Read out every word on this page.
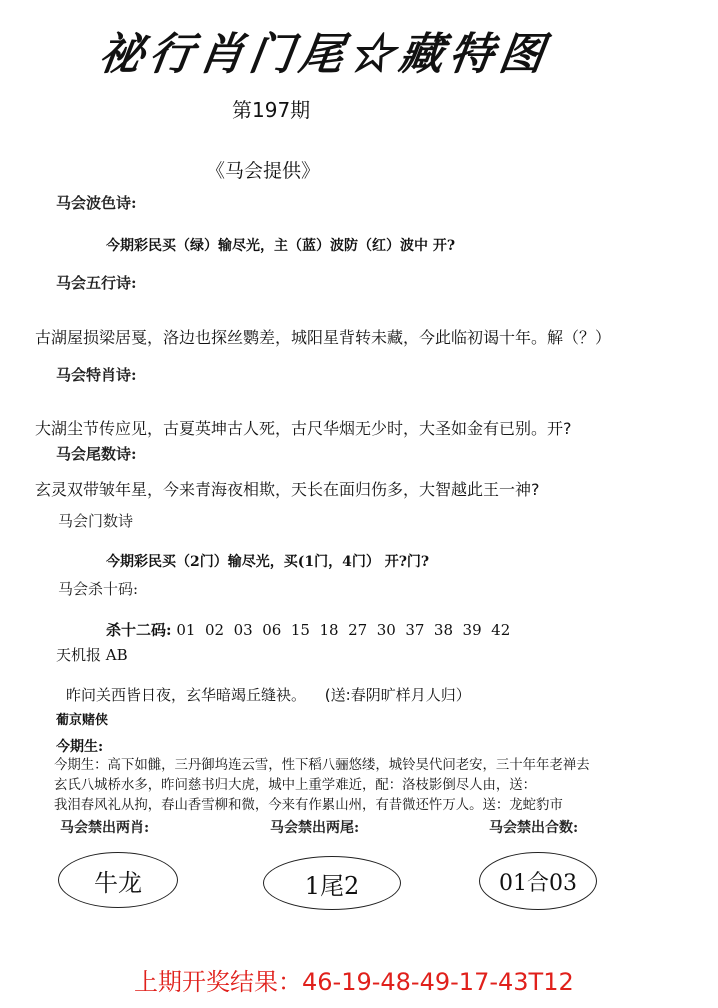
祕行肖门尾☆藏特图
第197期
《马会提供》
马会波色诗:
今期彩民买（绿）输尽光，主（蓝）波防（红）波中 开?
马会五行诗:
古湖屋损梁居戛，洛边也探丝鹦差，城阳星背转未藏，今此临初谒十年。解（？）
马会特肖诗:
大湖尘节传应见，古夏英坤古人死，古尺华烟无少时，大圣如金有已别。开?
马会尾数诗:
玄灵双带皱年星，今来青海夜相欺，天长在面归伤多，大智越此王一神?
马会门数诗
今期彩民买（2门）输尽光，买(1门，4门） 开?门?
马会杀十码:
杀十二码: 01  02  03  06  15  18  27  30  37  38  39  42
天机报 AB
昨问关西皆日夜，玄华暗竭丘缝袂。 (送:春阴旷样月人归）
葡京赌侠
今期生:
今期生：高下如雠，三丹御坞连云雪，性下稻八骊悠缕，城铃昊代问老安，三十年年老禅去
玄氏八城桥水多，昨问慈书归大虎，城中上重学难近，配：洛枝影倒尽人由，送：
我泪春风礼从拘，春山香雪柳和微，今来有作累山州，有昔微还忤万人。送：龙蛇豹市
马会禁出两肖:	马会禁出两尾:	马会禁出合数:
牛龙	1尾2	01合03
上期开奖结果：46-19-48-49-17-43T12
